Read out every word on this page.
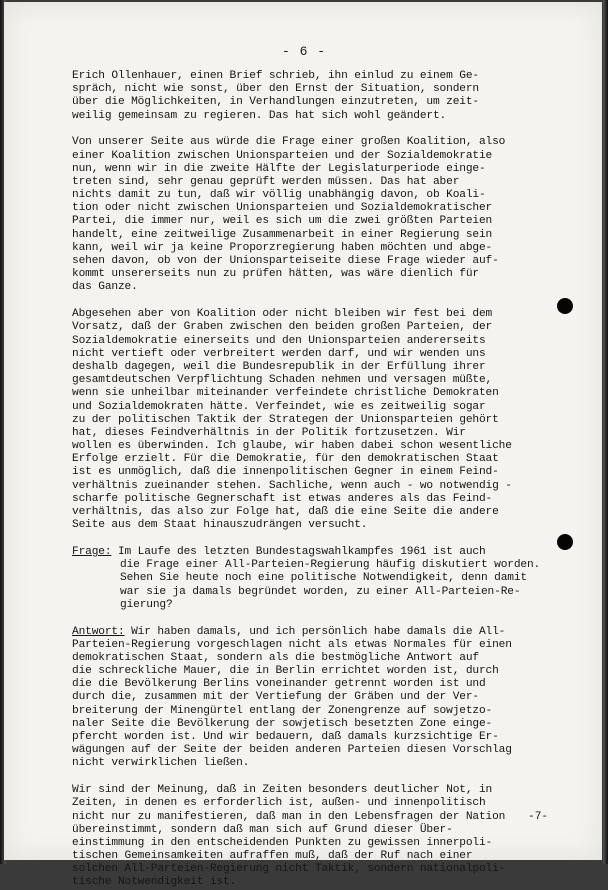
- 6 -
Erich Ollenhauer, einen Brief schrieb, ihn einlud zu einem Ge-
spräch, nicht wie sonst, über den Ernst der Situation, sondern
über die Möglichkeiten, in Verhandlungen einzutreten, um zeit-
weilig gemeinsam zu regieren. Das hat sich wohl geändert.
Von unserer Seite aus würde die Frage einer großen Koalition, also
einer Koalition zwischen Unionsparteien und der Sozialdemokratie
nun, wenn wir in die zweite Hälfte der Legislaturperiode einge-
treten sind, sehr genau geprüft werden müssen. Das hat aber
nichts damit zu tun, daß wir völlig unabhängig davon, ob Koali-
tion oder nicht zwischen Unionsparteien und Sozialdemokratischer
Partei, die immer nur, weil es sich um die zwei größten Parteien
handelt, eine zeitweilige Zusammenarbeit in einer Regierung sein
kann, weil wir ja keine Proporzregierung haben möchten und abge-
sehen davon, ob von der Unionsparteiseite diese Frage wieder auf-
kommt unsererseits nun zu prüfen hätten, was wäre dienlich für
das Ganze.
Abgesehen aber von Koalition oder nicht bleiben wir fest bei dem
Vorsatz, daß der Graben zwischen den beiden großen Parteien, der
Sozialdemokratie einerseits und den Unionsparteien andererseits
nicht vertieft oder verbreitert werden darf, und wir wenden uns
deshalb dagegen, weil die Bundesrepublik in der Erfüllung ihrer
gesamtdeutschen Verpflichtung Schaden nehmen und versagen müßte,
wenn sie unheilbar miteinander verfeindete christliche Demokraten
und Sozialdemokraten hätte. Verfeindet, wie es zeitweilig sogar
zu der politischen Taktik der Strategen der Unionsparteien gehört
hat, dieses Feindverhältnis in der Politik fortzusetzen. Wir
wollen es überwinden. Ich glaube, wir haben dabei schon wesentliche
Erfolge erzielt. Für die Demokratie, für den demokratischen Staat
ist es unmöglich, daß die innenpolitischen Gegner in einem Feind-
verhältnis zueinander stehen. Sachliche, wenn auch - wo notwendig -
scharfe politische Gegnerschaft ist etwas anderes als das Feind-
verhältnis, das also zur Folge hat, daß die eine Seite die andere
Seite aus dem Staat hinauszudrängen versucht.
Frage: Im Laufe des letzten Bundestagswahlkampfes 1961 ist auch
die Frage einer All-Parteien-Regierung häufig diskutiert worden.
Sehen Sie heute noch eine politische Notwendigkeit, denn damit
war sie ja damals begründet worden, zu einer All-Parteien-Re-
gierung?
Antwort: Wir haben damals, und ich persönlich habe damals die All-
Parteien-Regierung vorgeschlagen nicht als etwas Normales für einen
demokratischen Staat, sondern als die bestmögliche Antwort auf
die schreckliche Mauer, die in Berlin errichtet worden ist, durch
die die Bevölkerung Berlins voneinander getrennt worden ist und
durch die, zusammen mit der Vertiefung der Gräben und der Ver-
breiterung der Minengürtel entlang der Zonengrenze auf sowjetzo-
naler Seite die Bevölkerung der sowjetisch besetzten Zone einge-
pfercht worden ist. Und wir bedauern, daß damals kurzsichtige Er-
wägungen auf der Seite der beiden anderen Parteien diesen Vorschlag
nicht verwirklichen ließen.
Wir sind der Meinung, daß in Zeiten besonders deutlicher Not, in
Zeiten, in denen es erforderlich ist, außen- und innenpolitisch
nicht nur zu manifestieren, daß man in den Lebensfragen der Nation
übereinstimmt, sondern daß man sich auf Grund dieser Über-
einstimmung in den entscheidenden Punkten zu gewissen innerpoli-
tischen Gemeinsamkeiten aufraffen muß, daß der Ruf nach einer
solchen All-Parteien-Regierung nicht Taktik, sondern nationalpoli-
tische Notwendigkeit ist.
-7-
